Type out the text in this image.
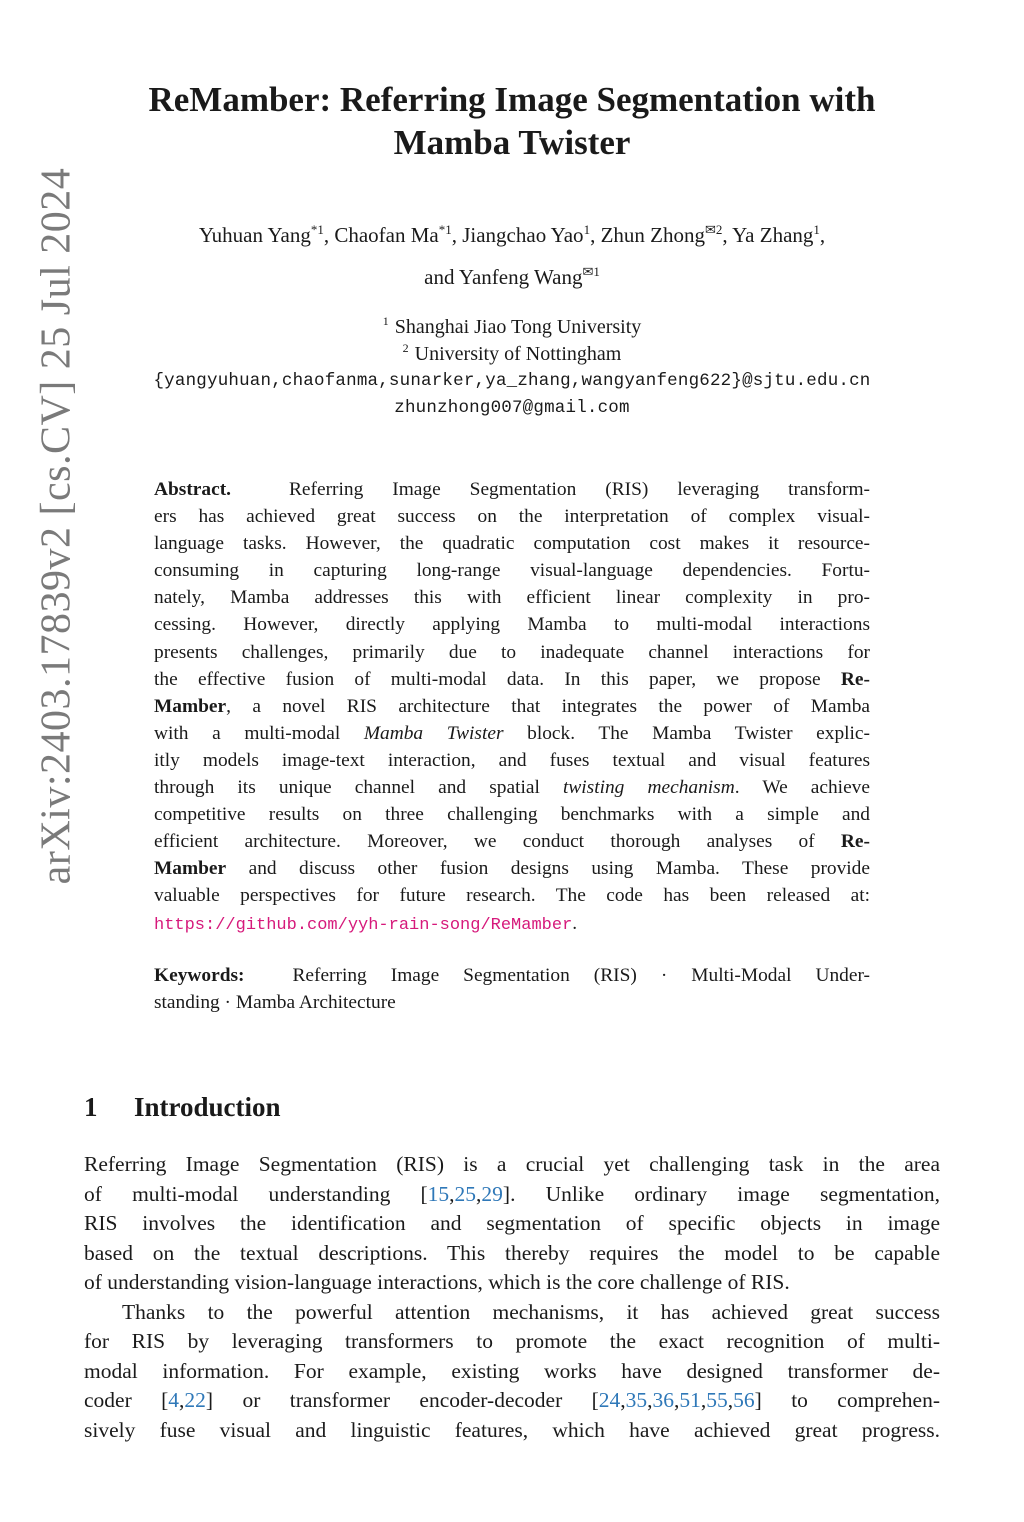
arXiv:2403.17839v2 [cs.CV] 25 Jul 2024
ReMamber: Referring Image Segmentation with
Mamba Twister
Yuhuan Yang$^{*1}$, Chaofan Ma$^{*1}$, Jiangchao Yao$^1$, Zhun Zhong$^{✉2}$, Ya Zhang$^1$,
and Yanfeng Wang$^{✉1}$
$^1$ Shanghai Jiao Tong University
$^2$ University of Nottingham
{yangyuhuan,chaofanma,sunarker,ya_zhang,wangyanfeng622}@sjtu.edu.cn
zhunzhong007@gmail.com
Abstract.	Referring Image Segmentation (RIS) leveraging transform-
ers has achieved great success on the interpretation of complex visual-
language tasks. However, the quadratic computation cost makes it resource-
consuming in capturing long-range visual-language dependencies. Fortu-
nately, Mamba addresses this with efficient linear complexity in pro-
cessing. However, directly applying Mamba to multi-modal interactions
presents challenges, primarily due to inadequate channel interactions for
the effective fusion of multi-modal data. In this paper, we propose Re-
Mamber, a novel RIS architecture that integrates the power of Mamba
with a multi-modal Mamba Twister block. The Mamba Twister explic-
itly models image-text interaction, and fuses textual and visual features
through its unique channel and spatial twisting mechanism. We achieve
competitive results on three challenging benchmarks with a simple and
efficient architecture. Moreover, we conduct thorough analyses of Re-
Mamber and discuss other fusion designs using Mamba. These provide
valuable perspectives for future research. The code has been released at:
https://github.com/yyh-rain-song/ReMamber.
Keywords: Referring Image Segmentation (RIS) · Multi-Modal Under-
standing · Mamba Architecture
1 Introduction
Referring Image Segmentation (RIS) is a crucial yet challenging task in the area
of multi-modal understanding [15,25,29]. Unlike ordinary image segmentation,
RIS involves the identification and segmentation of specific objects in image
based on the textual descriptions. This thereby requires the model to be capable
of understanding vision-language interactions, which is the core challenge of RIS.
Thanks to the powerful attention mechanisms, it has achieved great success
for RIS by leveraging transformers to promote the exact recognition of multi-
modal information. For example, existing works have designed transformer de-
coder [4,22] or transformer encoder-decoder [24,35,36,51,55,56] to comprehen-
sively fuse visual and linguistic features, which have achieved great progress.
